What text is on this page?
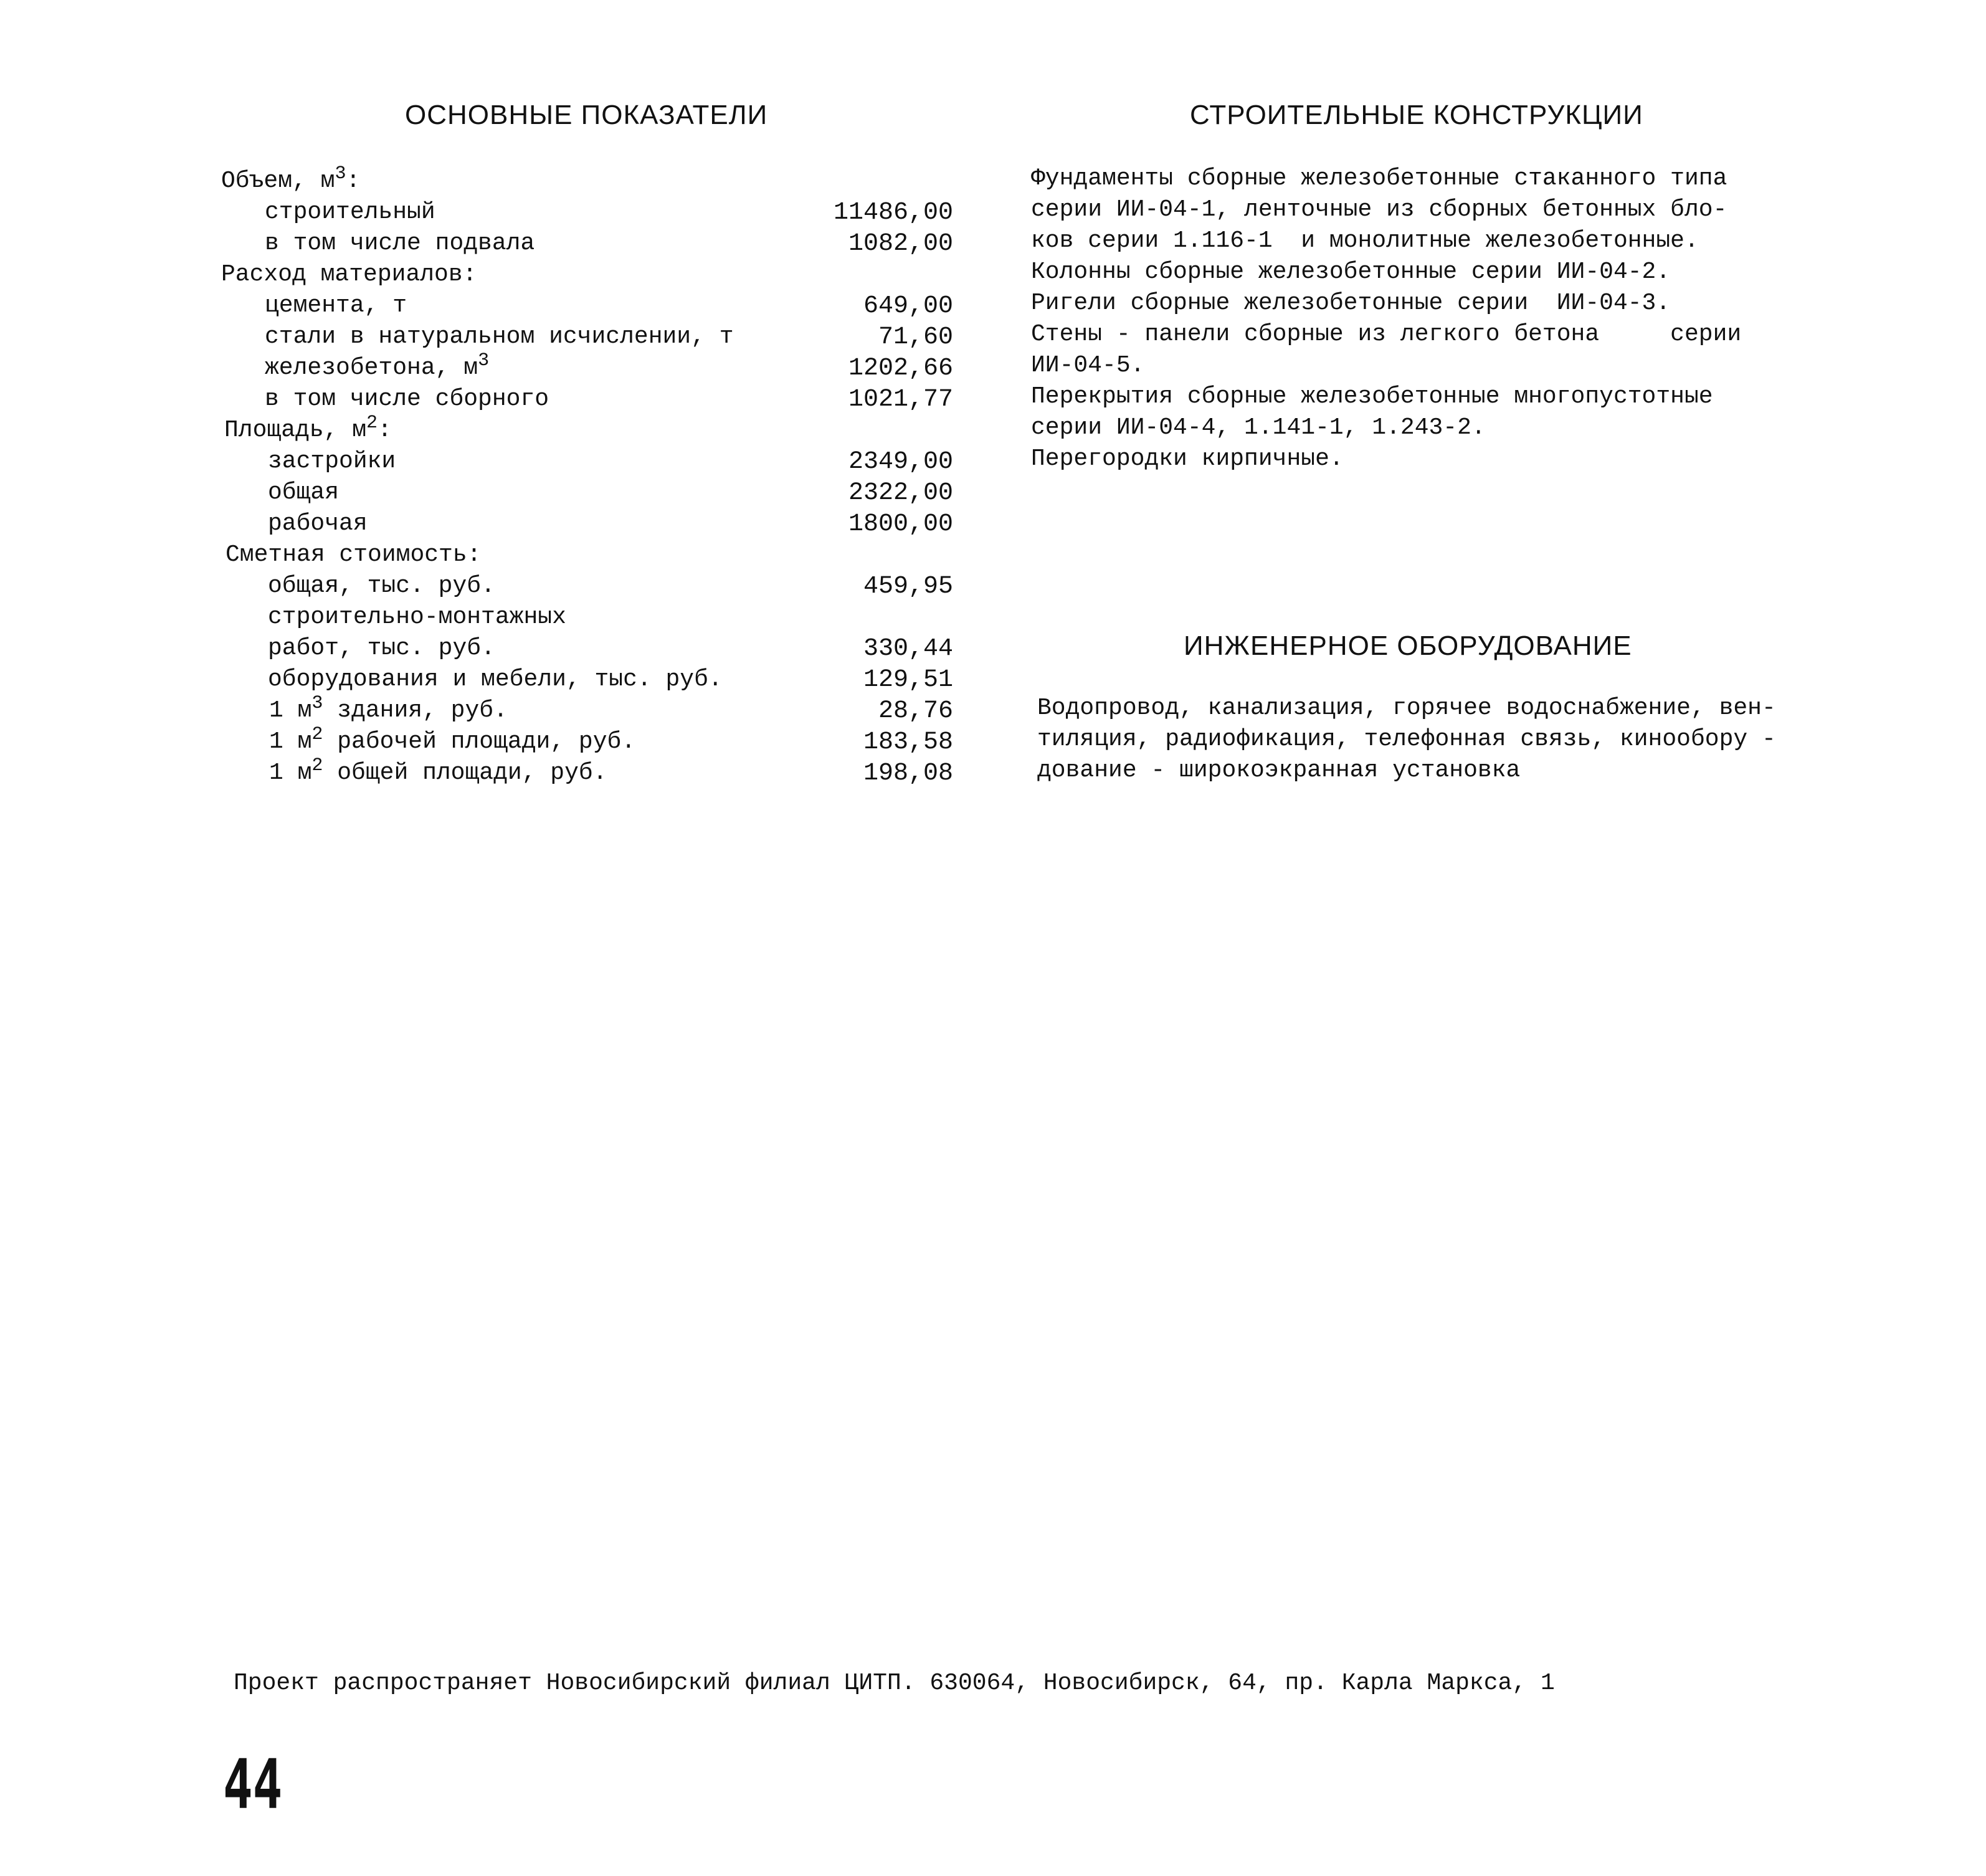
ОСНОВНЫЕ ПОКАЗАТЕЛИ
Объем, $м^3$:
строительный	11486,00
в том числе подвала	1082,00
Расход материалов:
цемента, т	649,00
стали в натуральном исчислении, т	71,60
железобетона, $м^3$	1202,66
в том числе сборного	1021,77
Площадь, $м^2$:
застройки	2349,00
общая	2322,00
рабочая	1800,00
Сметная стоимость:
общая, тыс. руб.	459,95
строительно-монтажных
работ, тыс. руб.	330,44
оборудования и мебели, тыс. руб.	129,51
1 $м^3$ здания, руб.	28,76
1 $м^2$ рабочей площади, руб.	183,58
1 $м^2$ общей площади, руб.	198,08
СТРОИТЕЛЬНЫЕ КОНСТРУКЦИИ
Фундаменты сборные железобетонные стаканного типа
серии ИИ-04-1, ленточные из сборных бетонных бло-
ков серии 1.116-1  и монолитные железобетонные.
Колонны сборные железобетонные серии ИИ-04-2.
Ригели сборные железобетонные серии  ИИ-04-3.
Стены - панели сборные из легкого бетона     серии
ИИ-04-5.
Перекрытия сборные железобетонные многопустотные
серии ИИ-04-4, 1.141-1, 1.243-2.
Перегородки кирпичные.
ИНЖЕНЕРНОЕ ОБОРУДОВАНИЕ
Водопровод, канализация, горячее водоснабжение, вен-
тиляция, радиофикация, телефонная связь, кинообору -
дование - широкоэкранная установка
Проект распространяет Новосибирский филиал ЦИТП. 630064, Новосибирск, 64, пр. Карла Маркса, 1
44
